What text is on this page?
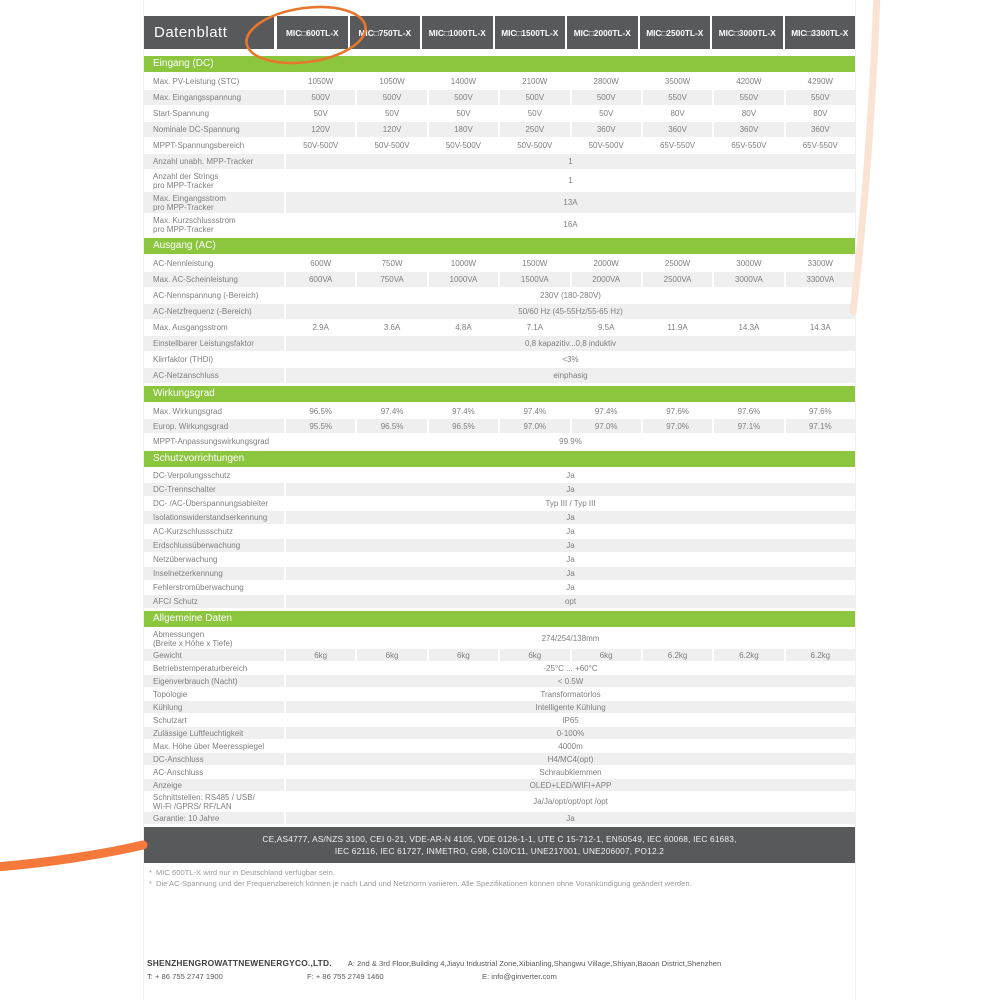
Datenblatt	MIC□600TL-X	MIC□750TL-X	MIC□1000TL-X	MIC□1500TL-X	MIC□2000TL-X	MIC□2500TL-X	MIC□3000TL-X	MIC□3300TL-X
Eingang (DC)
Max. PV-Leistung (STC)	1050W	1050W	1400W	2100W	2800W	3500W	4200W	4290W
Max. Eingangsspannung	500V	500V	500V	500V	500V	550V	550V	550V
Start-Spannung	50V	50V	50V	50V	50V	80V	80V	80V
Nominale DC-Spannung	120V	120V	180V	250V	360V	360V	360V	360V
MPPT-Spannungsbereich	50V-500V	50V-500V	50V-500V	50V-500V	50V-500V	65V-550V	65V-550V	65V-550V
Anzahl unabh. MPP-Tracker	1
Anzahl der Strings
pro MPP-Tracker	1
Max. Eingangsstrom
pro MPP-Tracker	13A
Max. Kurzschlussstrom
pro MPP-Tracker	16A
Ausgang (AC)
AC-Nennleistung	600W	750W	1000W	1500W	2000W	2500W	3000W	3300W
Max. AC-Scheinleistung	600VA	750VA	1000VA	1500VA	2000VA	2500VA	3000VA	3300VA
AC-Nennspannung (-Bereich)	230V (180-280V)
AC-Netzfrequenz (-Bereich)	50/60 Hz (45-55Hz/55-65 Hz)
Max. Ausgangsstrom	2.9A	3.6A	4.8A	7.1A	9.5A	11.9A	14.3A	14.3A
Einstellbarer Leistungsfaktor	0,8 kapazitiv...0,8 induktiv
Klirrfaktor (THDi)	<3%
AC-Netzanschluss	einphasig
Wirkungsgrad
Max. Wirkungsgrad	96.5%	97.4%	97.4%	97.4%	97.4%	97.6%	97.6%	97.6%
Europ. Wirkungsgrad	95.5%	96.5%	96.5%	97.0%	97.0%	97.0%	97.1%	97.1%
MPPT-Anpassungswirkungsgrad	99.9%
Schutzvorrichtungen
DC-Verpolungsschutz	Ja
DC-Trennschalter	Ja
DC- /AC-Überspannungsableiter	Typ III / Typ III
Isolationswiderstandserkennung	Ja
AC-Kurzschlussschutz	Ja
Erdschlussüberwachung	Ja
Netzüberwachung	Ja
Inselnetzerkennung	Ja
Fehlerstromüberwachung	Ja
AFCI Schutz	opt
Allgemeine Daten
Abmessungen
(Breite x Höhe x Tiefe)	274/254/138mm
Gewicht	6kg	6kg	6kg	6kg	6kg	6.2kg	6.2kg	6.2kg
Betriebstemperaturbereich	-25°C ... +60°C
Eigenverbrauch (Nacht)	< 0.5W
Topologie	Transformatorlos
Kühlung	Intelligente Kühlung
Schutzart	IP65
Zulässige Luftfeuchtigkeit	0-100%
Max. Höhe über Meeresspiegel	4000m
DC-Anschluss	H4/MC4(opt)
AC-Anschluss	Schraubklemmen
Anzeige	OLED+LED/WIFI+APP
Schnittstellen: RS485 / USB/
Wi-Fi /GPRS/ RF/LAN	Ja/Ja/opt/opt/opt /opt
Garantie: 10 Jahre	Ja
CE,AS4777, AS/NZS 3100, CEI 0-21, VDE-AR-N 4105, VDE 0126-1-1, UTE C 15-712-1, EN50549, IEC 60068, IEC 61683,
IEC 62116, IEC 61727, INMETRO, G98, C10/C11, UNE217001, UNE206007, PO12.2
* MIC 600TL-X wird nur in Deutschland verfügbar sein.
* Die AC-Spannung und der Frequenzbereich können je nach Land und Netznorm variieren. Alle Spezifikationen können ohne Vorankündigung geändert werden.
SHENZHENGROWATTNEWENERGYCO.,LTD. A: 2nd & 3rd Floor,Building 4,Jiayu Industrial Zone,Xibianling,Shangwu Village,Shiyan,Baoan District,Shenzhen
T: + 86 755 2747 1900	F: + 86 755 2749 1460	E: info@ginverter.com
